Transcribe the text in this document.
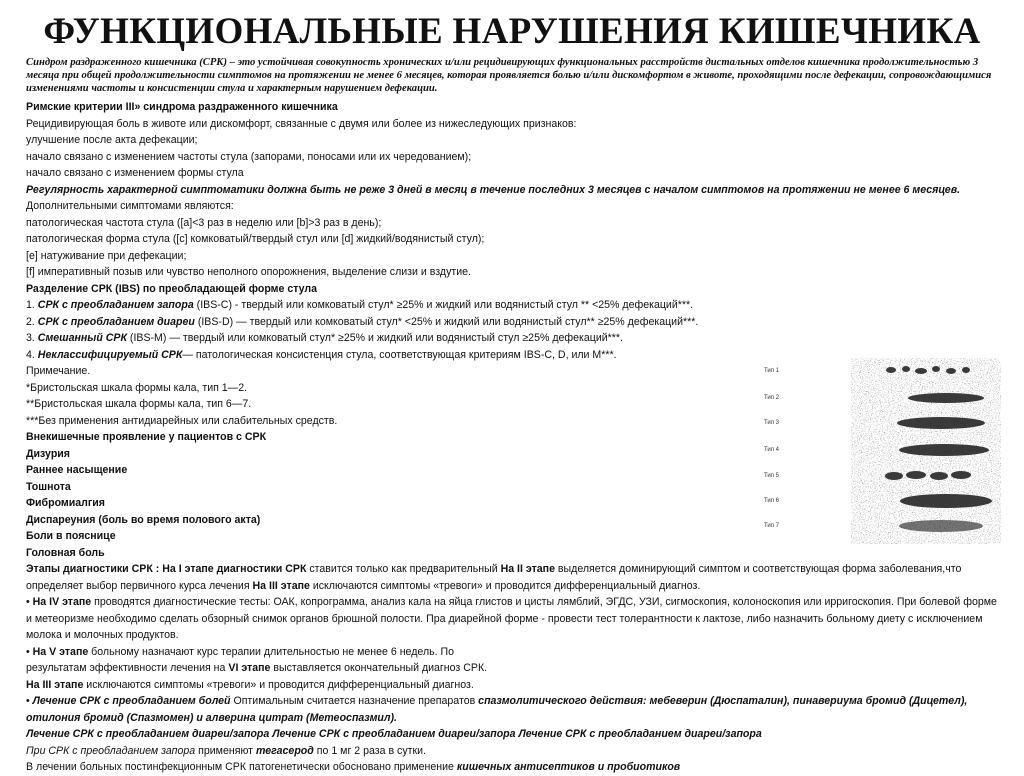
ФУНКЦИОНАЛЬНЫЕ НАРУШЕНИЯ КИШЕЧНИКА
Синдром раздраженного кишечника (СРК) – это устойчивая совокупность хронических и/или рецидивирующих функциональных расстройств дистальных отделов кишечника продолжительностью 3 месяца при общей продолжительности симптомов на протяжении не менее 6 месяцев, которая проявляется болью и/или дискомфортом в животе, проходящими после дефекации, сопровождающимися изменениями частоты и консистенции стула и характерным нарушением дефекации.
Римские критерии III» синдрома раздраженного кишечника
Рецидивирующая боль в животе или дискомфорт, связанные с двумя или более из нижеследующих признаков:
улучшение после акта дефекации;
начало связано с изменением частоты стула (запорами, поносами или их чередованием);
начало связано с изменением формы стула
Регулярность характерной симптоматики должна быть не реже 3 дней в месяц в течение последних 3 месяцев с началом симптомов на протяжении не менее 6 месяцев.
Дополнительными симптомами являются:
патологическая частота стула ([a]<3 раз в неделю или [b]>3 раз в день);
патологическая форма стула ([c] комковатый/твердый стул или [d] жидкий/водянистый стул);
[e] натуживание при дефекации;
[f] императивный позыв или чувство неполного опорожнения, выделение слизи и вздутие.
Разделение СРК (IBS) по преобладающей форме стула
1. СРК с преобладанием запора (IBS-C) - твердый или комковатый стул* ≥25% и жидкий или водянистый стул ** <25% дефекаций***.
2. СРК с преобладанием диареи (IBS-D) — твердый или комковатый стул* <25% и жидкий или водянистый стул** ≥25% дефекаций***.
3. Смешанный СРК (IBS-M) — твердый или комковатый стул* ≥25% и жидкий или водянистый стул ≥25% дефекаций***.
4. Неклассифицируемый СРК— патологическая консистенция стула, соответствующая критериям IBS-C, D, или M***.
Примечание.
*Бристольская шкала формы кала, тип 1—2.
**Бристольская шкала формы кала, тип 6—7.
***Без применения антидиарейных или слабительных средств.
Внекишечные проявление у пациентов с СРК
Дизурия
Раннее насыщение
Тошнота
Фибромиалгия
Диспареуния (боль во время полового акта)
Боли в пояснице
Головная боль
Этапы диагностики СРК : На I этапе диагностики СРК ставится только как предварительный На II этапе выделяется доминирующий симптом и соответствующая форма заболевания,что определяет выбор первичного курса лечения На III этапе исключаются симптомы «тревоги» и проводится дифференциальный диагноз.
• На IV этапе проводятся диагностические тесты: ОАК, копрограмма, анализ кала на яйца глистов и цисты лямблий, ЭГДС, УЗИ, сигмоскопия, колоноскопия или ирригоскопия. При болевой форме и метеоризме необходимо сделать обзорный снимок органов брюшной полости. Пра диарейной форме - провести тест толерантности к лактозе, либо назначить больному диету с исключением молока и молочных продуктов.
• На V этапе больному назначают курс терапии длительностью не менее 6 недель. По
результатам эффективности лечения на VI этапе выставляется окончательный диагноз СРК.
На III этапе исключаются симптомы «тревоги» и проводится дифференциальный диагноз.
• Лечение СРК с преобладанием болей Оптимальным считается назначение препаратов спазмолитического действия: мебеверин (Дюспаталин), пинавериума бромид (Дицетел), отилония бромид (Спазмомен) и алверина цитрат (Метеоспазмил).
Лечение СРК с преобладанием диареи/запора Лечение СРК с преобладанием диареи/запора Лечение СРК с преобладанием диареи/запора
При СРК с преобладанием запора применяют тегасерод по 1 мг 2 раза в сутки.
В лечении больных постинфекционным СРК патогенетически обосновано применение кишечных антисептиков и пробиотиков
Тип 1
Тип 2
Тип 3
Тип 4
Тип 5
Тип 6
Тип 7
